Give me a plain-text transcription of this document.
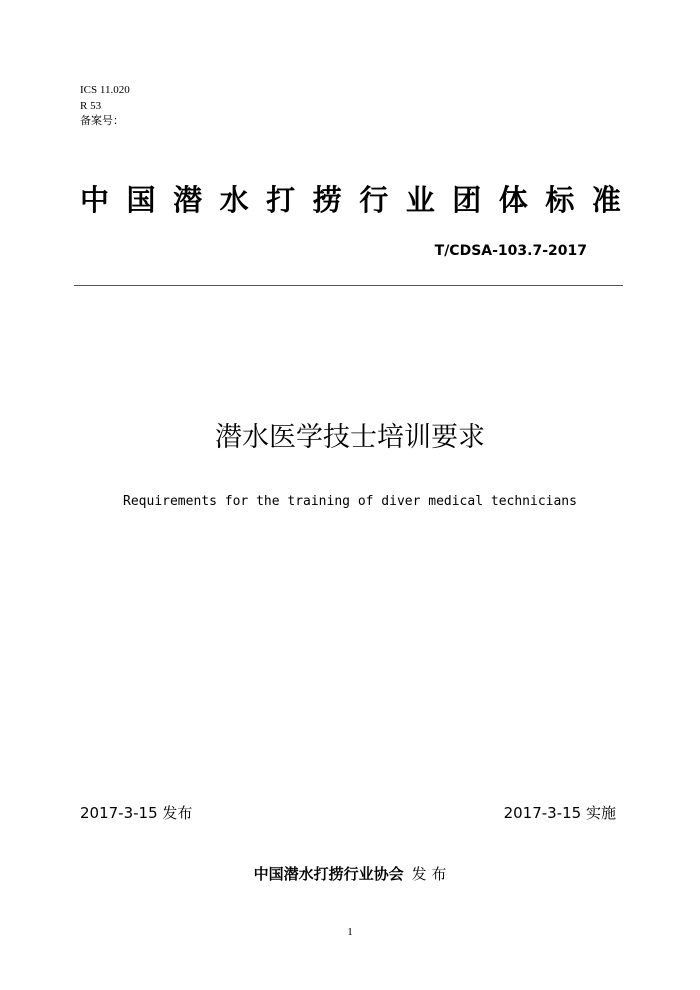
ICS 11.020
R 53
备案号：
中 国 潜 水 打 捞 行 业 团 体 标 准
T/CDSA-103.7-2017
潜水医学技士培训要求
Requirements for the training of diver medical technicians
2017-3-15 发布	2017-3-15 实施
中国潜水打捞行业协会 发 布
1
